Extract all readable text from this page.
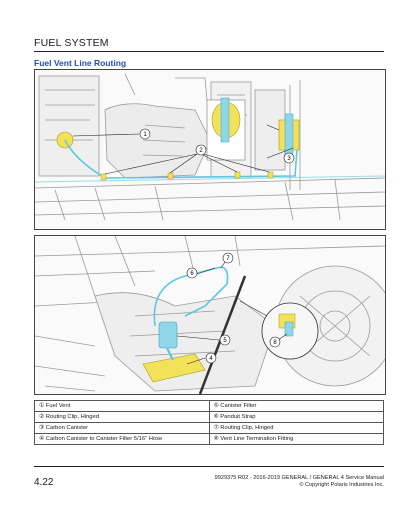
FUEL SYSTEM
Fuel Vent Line Routing
1
2
3
4
5
6
7
8
① Fuel Vent	⑤ Canister Filter
② Routing Clip, Hinged	⑥ Panduit Strap
③ Carbon Canister	⑦ Routing Clip, Hinged
④ Carbon Canister to Canister Filter 5/16" Hose	⑧ Vent Line Termination Fitting
4.22	9929375 R02 - 2016-2019 GENERAL / GENERAL 4 Service Manual
© Copyright Polaris Industries Inc.
